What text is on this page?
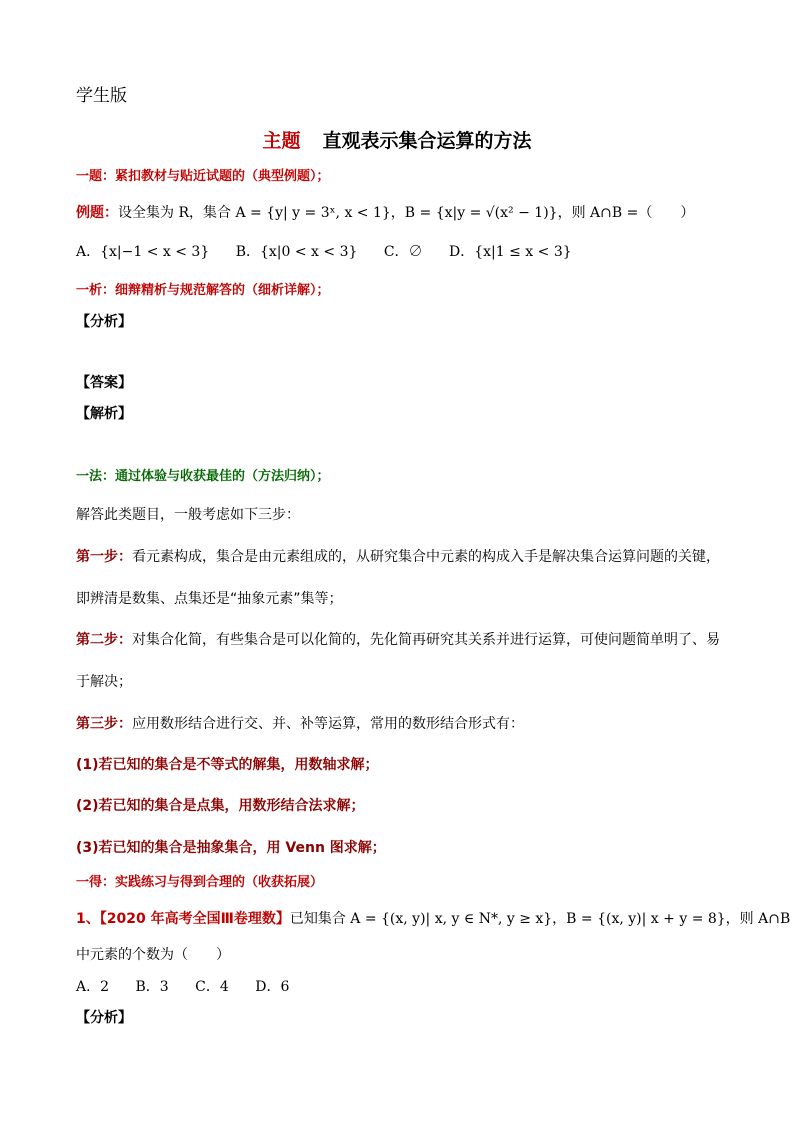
学生版
主题 直观表示集合运算的方法
一题：紧扣教材与贴近试题的（典型例题）；
例题：设全集为 R，集合 A = {y| y = 3ˣ, x < 1}，B = {x|y = √(x² − 1)}，则 A∩B =（　　）
A．{x|−1 < x < 3} B．{x|0 < x < 3} C．∅ D．{x|1 ≤ x < 3}
一析：细辩精析与规范解答的（细析详解）；
【分析】
【答案】
【解析】
一法：通过体验与收获最佳的（方法归纳）；
解答此类题目，一般考虑如下三步：
第一步：看元素构成，集合是由元素组成的，从研究集合中元素的构成入手是解决集合运算问题的关键，
即辨清是数集、点集还是“抽象元素”集等；
第二步：对集合化简，有些集合是可以化简的，先化简再研究其关系并进行运算，可使问题简单明了、易
于解决；
第三步：应用数形结合进行交、并、补等运算，常用的数形结合形式有：
(1)若已知的集合是不等式的解集，用数轴求解；
(2)若已知的集合是点集，用数形结合法求解；
(3)若已知的集合是抽象集合，用 Venn 图求解；
一得：实践练习与得到合理的（收获拓展）
1、【2020 年高考全国Ⅲ卷理数】已知集合 A = {(x, y)| x, y ∈ N*, y ≥ x}，B = {(x, y)| x + y = 8}，则 A∩B
中元素的个数为（　　）
A．2 B．3 C．4 D．6
【分析】
